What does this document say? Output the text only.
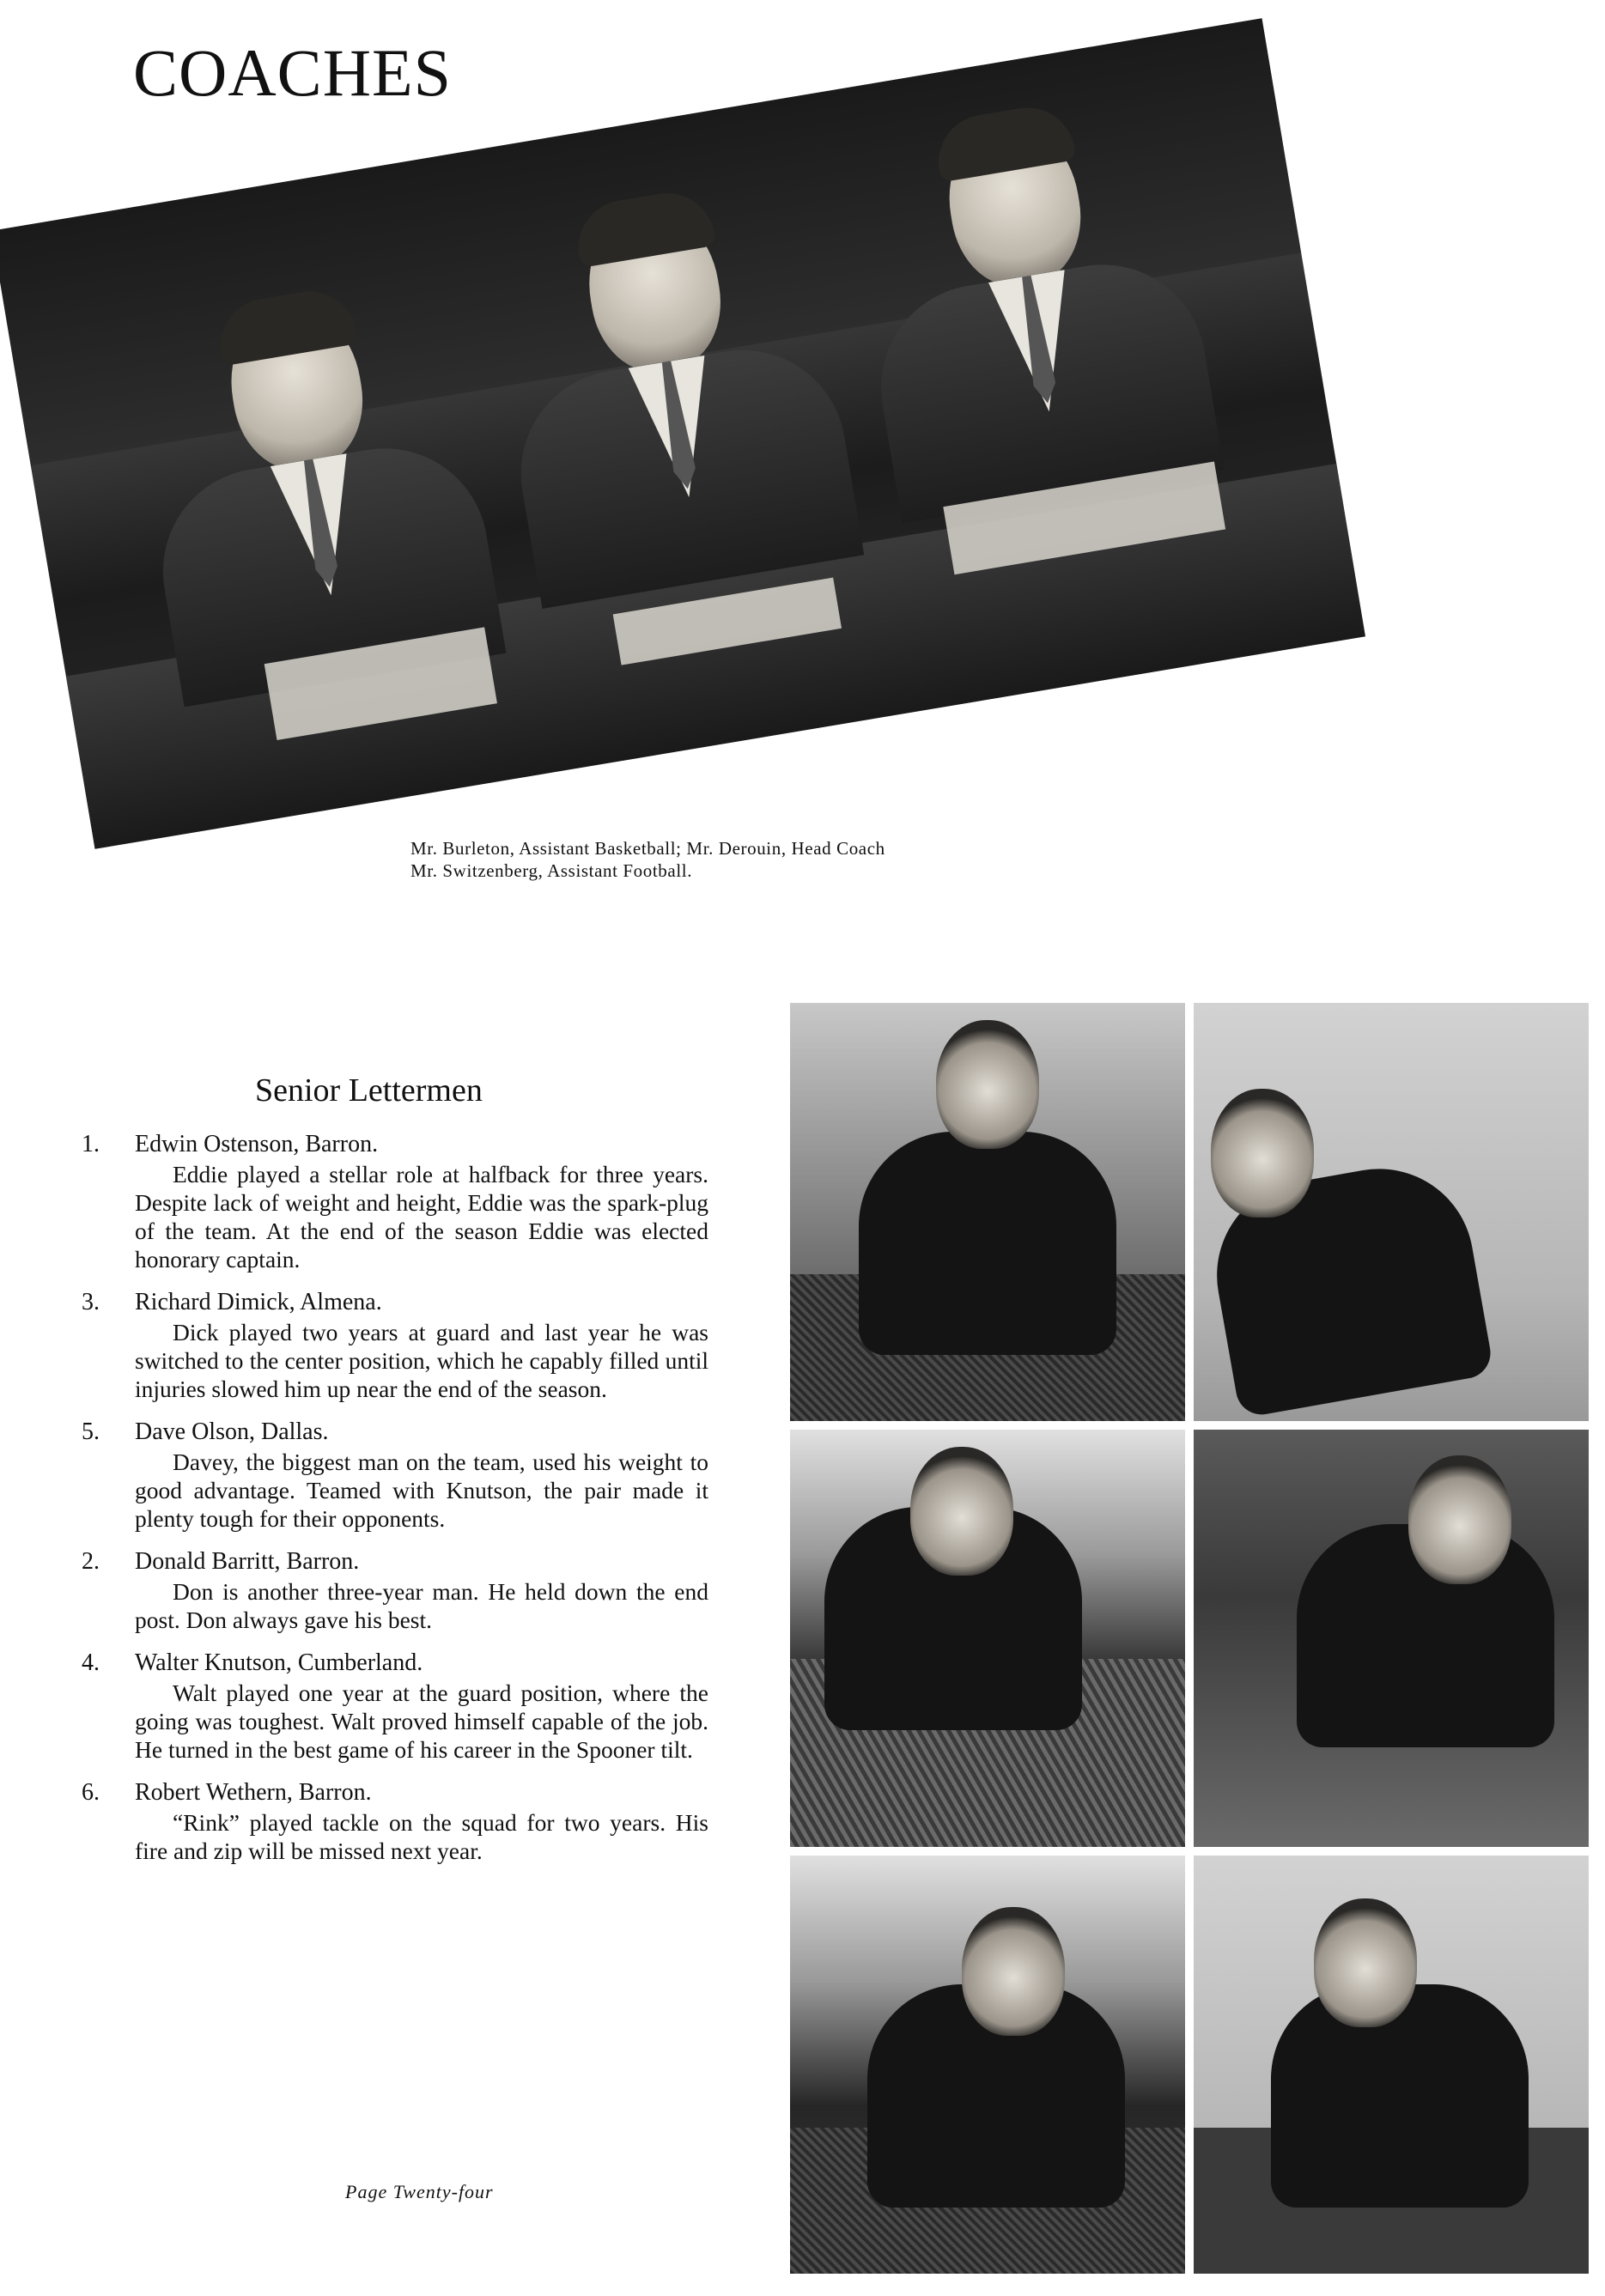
COACHES
Mr. Burleton, Assistant Basketball; Mr. Derouin, Head Coach
Mr. Switzenberg, Assistant Football.
Senior Lettermen
1.	Edwin Ostenson, Barron.
Eddie played a stellar role at halfback for three years. Despite lack of weight and height, Eddie was the spark-plug of the team. At the end of the season Eddie was elected honorary captain.
3.	Richard Dimick, Almena.
Dick played two years at guard and last year he was switched to the center position, which he capably filled until injuries slowed him up near the end of the season.
5.	Dave Olson, Dallas.
Davey, the biggest man on the team, used his weight to good advantage. Teamed with Knutson, the pair made it plenty tough for their opponents.
2.	Donald Barritt, Barron.
Don is another three-year man. He held down the end post. Don always gave his best.
4.	Walter Knutson, Cumberland.
Walt played one year at the guard position, where the going was toughest. Walt proved himself capable of the job. He turned in the best game of his career in the Spooner tilt.
6.	Robert Wethern, Barron.
“Rink” played tackle on the squad for two years. His fire and zip will be missed next year.
Page Twenty-four
